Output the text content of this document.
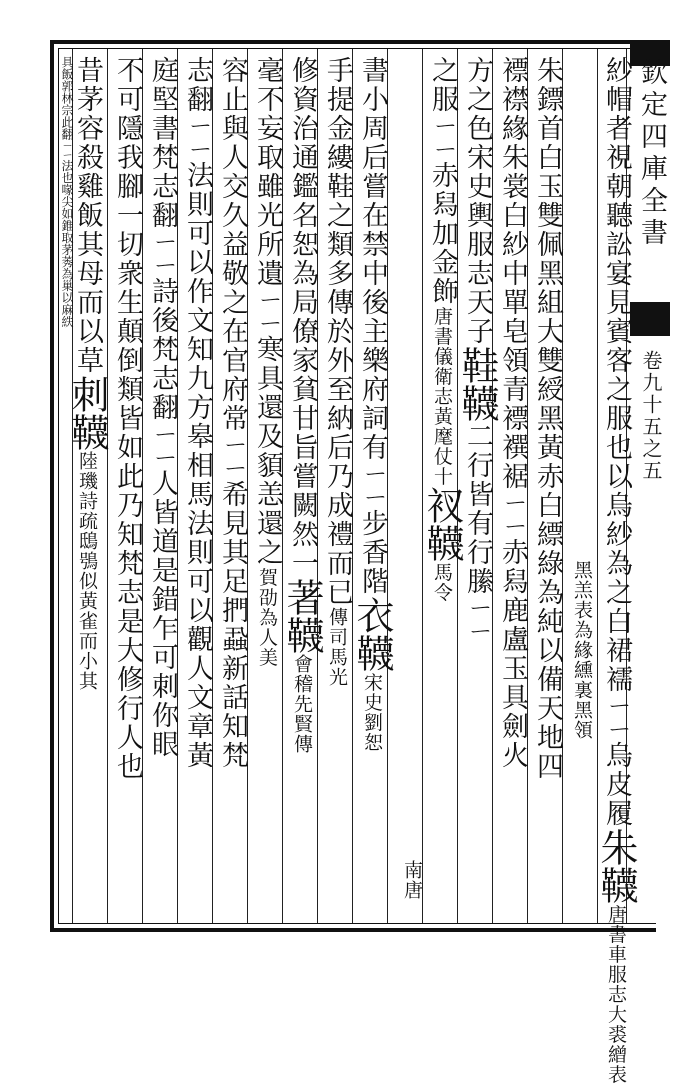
欽定四庫全書
卷九十五之五
紗帽者視朝聽訟宴見賓客之服也以烏紗為之白裙襦ㄧㄧ烏皮履朱韈唐書車服志大裘繒表
黑羔表為緣纁裏黑領
朱鏢首白玉雙佩黑組大雙綬黑黃赤白縹綠為純以備天地四
褾襟緣朱裳白紗中單皂領青褾襈裾ㄧㄧ赤舄鹿盧玉具劍火
方之色宋史輿服志天子鞋韈二行皆有行縢ㄧㄧ
之服ㄧㄧ赤舄加金飾唐書儀衛志黃麾仗十衩韈馬令
南唐
書小周后嘗在禁中後主樂府詞有ㄧㄧ步香階衣韈宋史劉恕
手提金縷鞋之類多傳於外至納后乃成禮而已傳司馬光
修資治通鑑名恕為局僚家貧甘旨嘗闕然一著韈會稽先賢傳
毫不妄取雖光所遺ㄧㄧ寒具還及䫉恙還之賀劭為人美
容止與人交久益敬之在官府常ㄧㄧ希見其足捫蝨新話知梵
志翻ㄧㄧ法則可以作文知九方皋相馬法則可以觀人文章黃
庭堅書梵志翻ㄧㄧ詩後梵志翻ㄧㄧ人皆道是錯乍可刺你眼
不可隱我腳一切衆生顛倒類皆如此乃知梵志是大修行人也
昔茅容殺雞飯其母而以草刺韈陸璣詩疏鴟鴞似黃雀而小其
具飯郭林宗此翻ㄧㄧ法也喙尖如錐取茅莠為巢以麻紩
